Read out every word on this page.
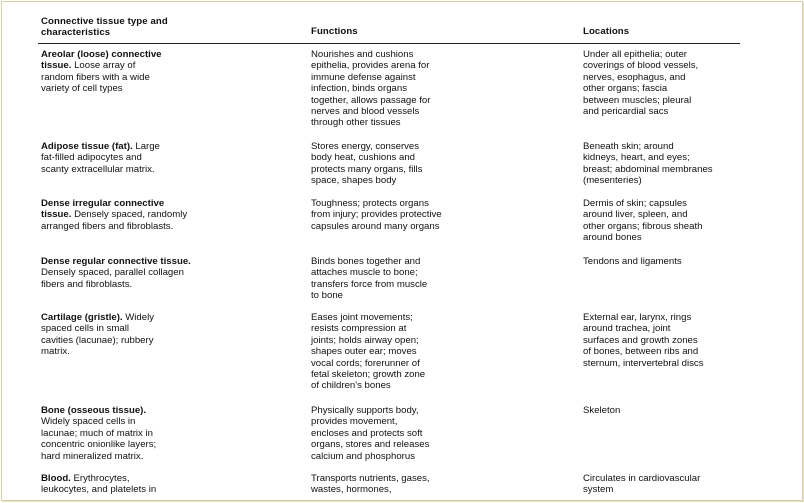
Connective tissue type and
characteristics	Functions	Locations
Areolar (loose) connective
tissue. Loose array of
random fibers with a wide
variety of cell types
Nourishes and cushions
epithelia, provides arena for
immune defense against
infection, binds organs
together, allows passage for
nerves and blood vessels
through other tissues
Under all epithelia; outer
coverings of blood vessels,
nerves, esophagus, and
other organs; fascia
between muscles; pleural
and pericardial sacs
Adipose tissue (fat). Large
fat-filled adipocytes and
scanty extracellular matrix.
Stores energy, conserves
body heat, cushions and
protects many organs, fills
space, shapes body
Beneath skin; around
kidneys, heart, and eyes;
breast; abdominal membranes
(mesenteries)
Dense irregular connective
tissue. Densely spaced, randomly
arranged fibers and fibroblasts.
Toughness; protects organs
from injury; provides protective
capsules around many organs
Dermis of skin; capsules
around liver, spleen, and
other organs; fibrous sheath
around bones
Dense regular connective tissue.
Densely spaced, parallel collagen
fibers and fibroblasts.
Binds bones together and
attaches muscle to bone;
transfers force from muscle
to bone
Tendons and ligaments
Cartilage (gristle). Widely
spaced cells in small
cavities (lacunae); rubbery
matrix.
Eases joint movements;
resists compression at
joints; holds airway open;
shapes outer ear; moves
vocal cords; forerunner of
fetal skeleton; growth zone
of children's bones
External ear, larynx, rings
around trachea, joint
surfaces and growth zones
of bones, between ribs and
sternum, intervertebral discs
Bone (osseous tissue).
Widely spaced cells in
lacunae; much of matrix in
concentric onionlike layers;
hard mineralized matrix.
Physically supports body,
provides movement,
encloses and protects soft
organs, stores and releases
calcium and phosphorus
Skeleton
Blood. Erythrocytes,
leukocytes, and platelets in
Transports nutrients, gases,
wastes, hormones,
Circulates in cardiovascular
system
